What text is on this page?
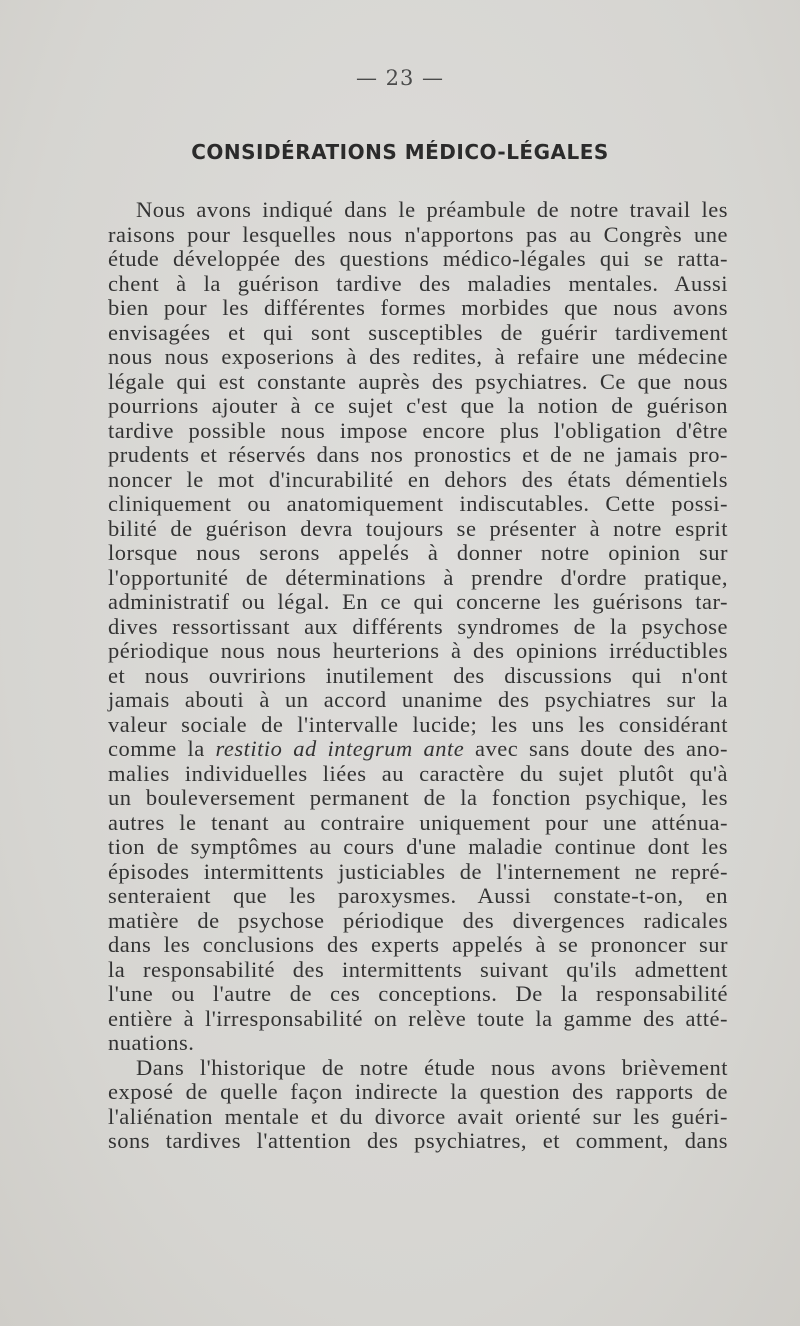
— 23 —
CONSIDÉRATIONS MÉDICO-LÉGALES
Nous avons indiqué dans le préambule de notre travail les
raisons pour lesquelles nous n'apportons pas au Congrès une
étude développée des questions médico-légales qui se ratta-
chent à la guérison tardive des maladies mentales. Aussi
bien pour les différentes formes morbides que nous avons
envisagées et qui sont susceptibles de guérir tardivement
nous nous exposerions à des redites, à refaire une médecine
légale qui est constante auprès des psychiatres. Ce que nous
pourrions ajouter à ce sujet c'est que la notion de guérison
tardive possible nous impose encore plus l'obligation d'être
prudents et réservés dans nos pronostics et de ne jamais pro-
noncer le mot d'incurabilité en dehors des états démentiels
cliniquement ou anatomiquement indiscutables. Cette possi-
bilité de guérison devra toujours se présenter à notre esprit
lorsque nous serons appelés à donner notre opinion sur
l'opportunité de déterminations à prendre d'ordre pratique,
administratif ou légal. En ce qui concerne les guérisons tar-
dives ressortissant aux différents syndromes de la psychose
périodique nous nous heurterions à des opinions irréductibles
et nous ouvririons inutilement des discussions qui n'ont
jamais abouti à un accord unanime des psychiatres sur la
valeur sociale de l'intervalle lucide; les uns les considérant
comme la restitio ad integrum ante avec sans doute des ano-
malies individuelles liées au caractère du sujet plutôt qu'à
un bouleversement permanent de la fonction psychique, les
autres le tenant au contraire uniquement pour une atténua-
tion de symptômes au cours d'une maladie continue dont les
épisodes intermittents justiciables de l'internement ne repré-
senteraient que les paroxysmes. Aussi constate-t-on, en
matière de psychose périodique des divergences radicales
dans les conclusions des experts appelés à se prononcer sur
la responsabilité des intermittents suivant qu'ils admettent
l'une ou l'autre de ces conceptions. De la responsabilité
entière à l'irresponsabilité on relève toute la gamme des atté-
nuations.
Dans l'historique de notre étude nous avons brièvement
exposé de quelle façon indirecte la question des rapports de
l'aliénation mentale et du divorce avait orienté sur les guéri-
sons tardives l'attention des psychiatres, et comment, dans
